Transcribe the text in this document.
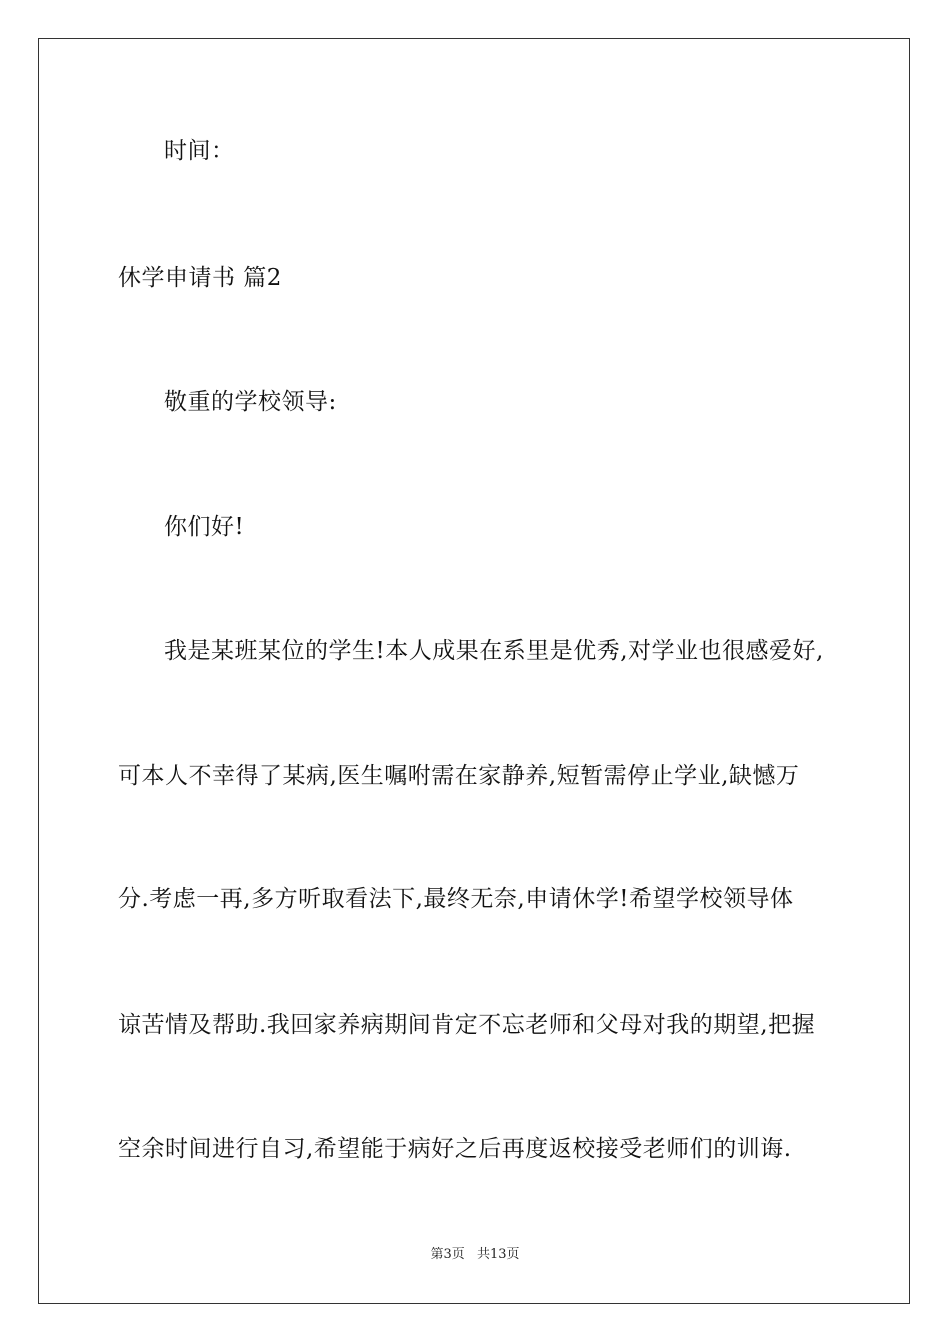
时间：
休学申请书 篇2
敬重的学校领导:
你们好!
我是某班某位的学生!本人成果在系里是优秀,对学业也很感爱好,
可本人不幸得了某病,医生嘱咐需在家静养,短暂需停止学业,缺憾万
分.考虑一再,多方听取看法下,最终无奈,申请休学!希望学校领导体
谅苦情及帮助.我回家养病期间肯定不忘老师和父母对我的期望,把握
空余时间进行自习,希望能于病好之后再度返校接受老师们的训诲.
第3页 共13页
